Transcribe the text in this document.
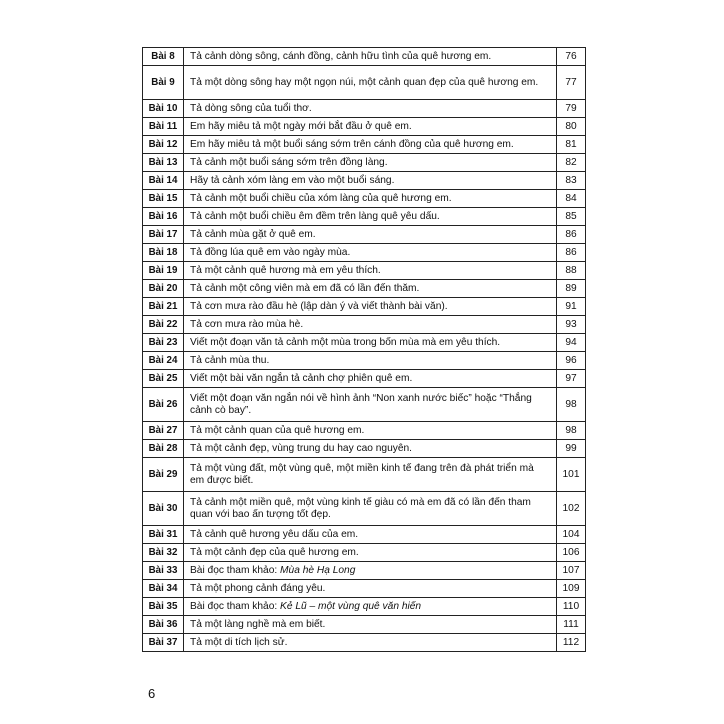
Bài 8	Tả cảnh dòng sông, cánh đồng, cảnh hữu tình của quê hương em.	76
Bài 9	Tả một dòng sông hay một ngọn núi, một cảnh quan đẹp của quê hương em.	77
Bài 10	Tả dòng sông của tuổi thơ.	79
Bài 11	Em hãy miêu tả một ngày mới bắt đầu ở quê em.	80
Bài 12	Em hãy miêu tả một buổi sáng sớm trên cánh đồng của quê hương em.	81
Bài 13	Tả cảnh một buổi sáng sớm trên đồng làng.	82
Bài 14	Hãy tả cảnh xóm làng em vào một buổi sáng.	83
Bài 15	Tả cảnh một buổi chiều của xóm làng của quê hương em.	84
Bài 16	Tả cảnh một buổi chiều êm đềm trên làng quê yêu dấu.	85
Bài 17	Tả cảnh mùa gặt ở quê em.	86
Bài 18	Tả đồng lúa quê em vào ngày mùa.	86
Bài 19	Tả một cảnh quê hương mà em yêu thích.	88
Bài 20	Tả cảnh một công viên mà em đã có lần đến thăm.	89
Bài 21	Tả cơn mưa rào đầu hè (lập dàn ý và viết thành bài văn).	91
Bài 22	Tả cơn mưa rào mùa hè.	93
Bài 23	Viết một đoạn văn tả cảnh một mùa trong bốn mùa mà em yêu thích.	94
Bài 24	Tả cảnh mùa thu.	96
Bài 25	Viết một bài văn ngắn tả cảnh chợ phiên quê em.	97
Bài 26	Viết một đoạn văn ngắn nói về hình ảnh “Non xanh nước biếc” hoặc “Thắng cảnh cò bay”.	98
Bài 27	Tả một cảnh quan của quê hương em.	98
Bài 28	Tả một cảnh đẹp, vùng trung du hay cao nguyên.	99
Bài 29	Tả một vùng đất, một vùng quê, một miền kinh tế đang trên đà phát triển mà em được biết.	101
Bài 30	Tả cảnh một miền quê, một vùng kinh tế giàu có mà em đã có lần đến tham quan với bao ấn tượng tốt đẹp.	102
Bài 31	Tả cảnh quê hương yêu dấu của em.	104
Bài 32	Tả một cảnh đẹp của quê hương em.	106
Bài 33	Bài đọc tham khảo: Mùa hè Hạ Long	107
Bài 34	Tả một phong cảnh đáng yêu.	109
Bài 35	Bài đọc tham khảo: Kẻ Lũ – một vùng quê văn hiến	110
Bài 36	Tả một làng nghề mà em biết.	111
Bài 37	Tả một di tích lịch sử.	112
6
